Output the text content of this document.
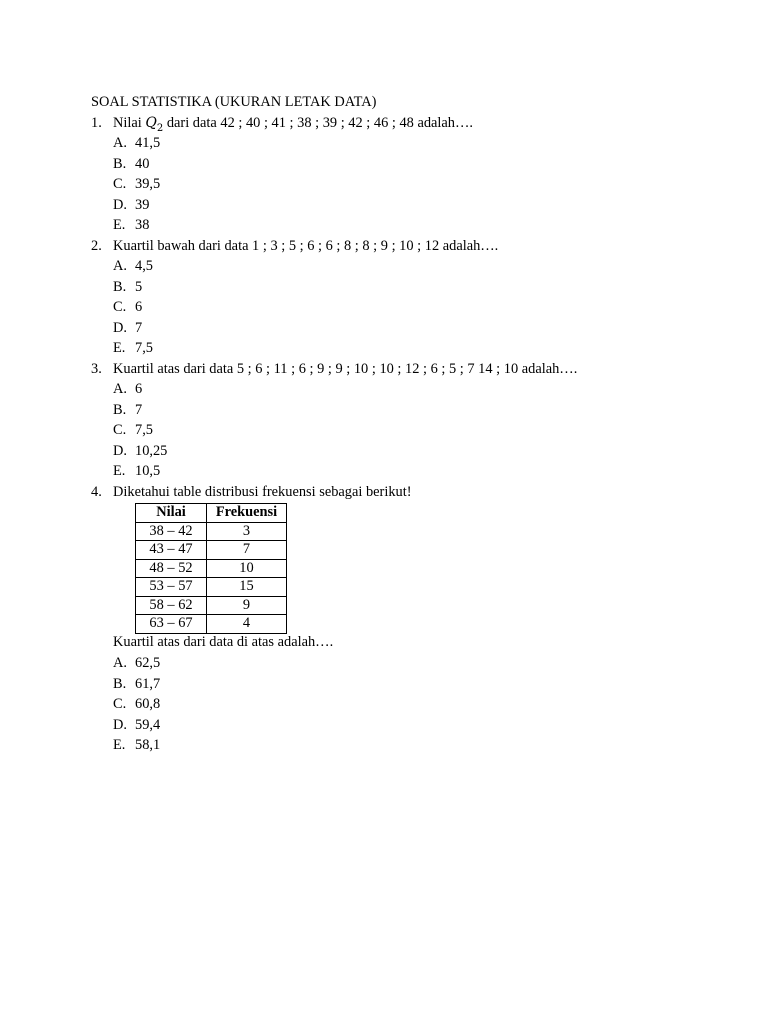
SOAL STATISTIKA (UKURAN LETAK DATA)
1. Nilai $Q_2$ dari data 42 ; 40 ; 41 ; 38 ; 39 ; 42 ; 46 ; 48 adalah….
A. 41,5
B. 40
C. 39,5
D. 39
E. 38
2. Kuartil bawah dari data 1 ; 3 ; 5 ; 6 ; 6 ; 8 ; 8 ; 9 ; 10 ; 12 adalah….
A. 4,5
B. 5
C. 6
D. 7
E. 7,5
3. Kuartil atas dari data 5 ; 6 ; 11 ; 6 ; 9 ; 9 ; 10 ; 10 ; 12 ; 6 ; 5 ; 7 14 ; 10 adalah….
A. 6
B. 7
C. 7,5
D. 10,25
E. 10,5
4. Diketahui table distribusi frekuensi sebagai berikut!
Nilai	Frekuensi
38 – 42	3
43 – 47	7
48 – 52	10
53 – 57	15
58 – 62	9
63 – 67	4
Kuartil atas dari data di atas adalah….
A. 62,5
B. 61,7
C. 60,8
D. 59,4
E. 58,1
